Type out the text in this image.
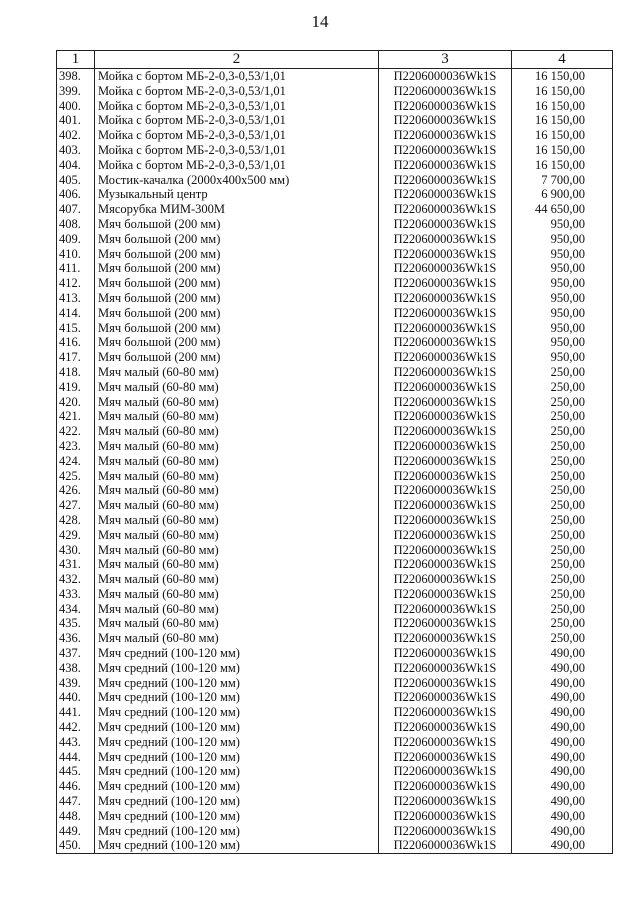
14
1	2	3	4
398.	Мойка с бортом МБ-2-0,3-0,53/1,01	П2206000036Wk1S	16 150,00
399.	Мойка с бортом МБ-2-0,3-0,53/1,01	П2206000036Wk1S	16 150,00
400.	Мойка с бортом МБ-2-0,3-0,53/1,01	П2206000036Wk1S	16 150,00
401.	Мойка с бортом МБ-2-0,3-0,53/1,01	П2206000036Wk1S	16 150,00
402.	Мойка с бортом МБ-2-0,3-0,53/1,01	П2206000036Wk1S	16 150,00
403.	Мойка с бортом МБ-2-0,3-0,53/1,01	П2206000036Wk1S	16 150,00
404.	Мойка с бортом МБ-2-0,3-0,53/1,01	П2206000036Wk1S	16 150,00
405.	Мостик-качалка (2000x400x500 мм)	П2206000036Wk1S	7 700,00
406.	Музыкальный центр	П2206000036Wk1S	6 900,00
407.	Мясорубка МИМ-300М	П2206000036Wk1S	44 650,00
408.	Мяч большой (200 мм)	П2206000036Wk1S	950,00
409.	Мяч большой (200 мм)	П2206000036Wk1S	950,00
410.	Мяч большой (200 мм)	П2206000036Wk1S	950,00
411.	Мяч большой (200 мм)	П2206000036Wk1S	950,00
412.	Мяч большой (200 мм)	П2206000036Wk1S	950,00
413.	Мяч большой (200 мм)	П2206000036Wk1S	950,00
414.	Мяч большой (200 мм)	П2206000036Wk1S	950,00
415.	Мяч большой (200 мм)	П2206000036Wk1S	950,00
416.	Мяч большой (200 мм)	П2206000036Wk1S	950,00
417.	Мяч большой (200 мм)	П2206000036Wk1S	950,00
418.	Мяч малый (60-80 мм)	П2206000036Wk1S	250,00
419.	Мяч малый (60-80 мм)	П2206000036Wk1S	250,00
420.	Мяч малый (60-80 мм)	П2206000036Wk1S	250,00
421.	Мяч малый (60-80 мм)	П2206000036Wk1S	250,00
422.	Мяч малый (60-80 мм)	П2206000036Wk1S	250,00
423.	Мяч малый (60-80 мм)	П2206000036Wk1S	250,00
424.	Мяч малый (60-80 мм)	П2206000036Wk1S	250,00
425.	Мяч малый (60-80 мм)	П2206000036Wk1S	250,00
426.	Мяч малый (60-80 мм)	П2206000036Wk1S	250,00
427.	Мяч малый (60-80 мм)	П2206000036Wk1S	250,00
428.	Мяч малый (60-80 мм)	П2206000036Wk1S	250,00
429.	Мяч малый (60-80 мм)	П2206000036Wk1S	250,00
430.	Мяч малый (60-80 мм)	П2206000036Wk1S	250,00
431.	Мяч малый (60-80 мм)	П2206000036Wk1S	250,00
432.	Мяч малый (60-80 мм)	П2206000036Wk1S	250,00
433.	Мяч малый (60-80 мм)	П2206000036Wk1S	250,00
434.	Мяч малый (60-80 мм)	П2206000036Wk1S	250,00
435.	Мяч малый (60-80 мм)	П2206000036Wk1S	250,00
436.	Мяч малый (60-80 мм)	П2206000036Wk1S	250,00
437.	Мяч средний (100-120 мм)	П2206000036Wk1S	490,00
438.	Мяч средний (100-120 мм)	П2206000036Wk1S	490,00
439.	Мяч средний (100-120 мм)	П2206000036Wk1S	490,00
440.	Мяч средний (100-120 мм)	П2206000036Wk1S	490,00
441.	Мяч средний (100-120 мм)	П2206000036Wk1S	490,00
442.	Мяч средний (100-120 мм)	П2206000036Wk1S	490,00
443.	Мяч средний (100-120 мм)	П2206000036Wk1S	490,00
444.	Мяч средний (100-120 мм)	П2206000036Wk1S	490,00
445.	Мяч средний (100-120 мм)	П2206000036Wk1S	490,00
446.	Мяч средний (100-120 мм)	П2206000036Wk1S	490,00
447.	Мяч средний (100-120 мм)	П2206000036Wk1S	490,00
448.	Мяч средний (100-120 мм)	П2206000036Wk1S	490,00
449.	Мяч средний (100-120 мм)	П2206000036Wk1S	490,00
450.	Мяч средний (100-120 мм)	П2206000036Wk1S	490,00
